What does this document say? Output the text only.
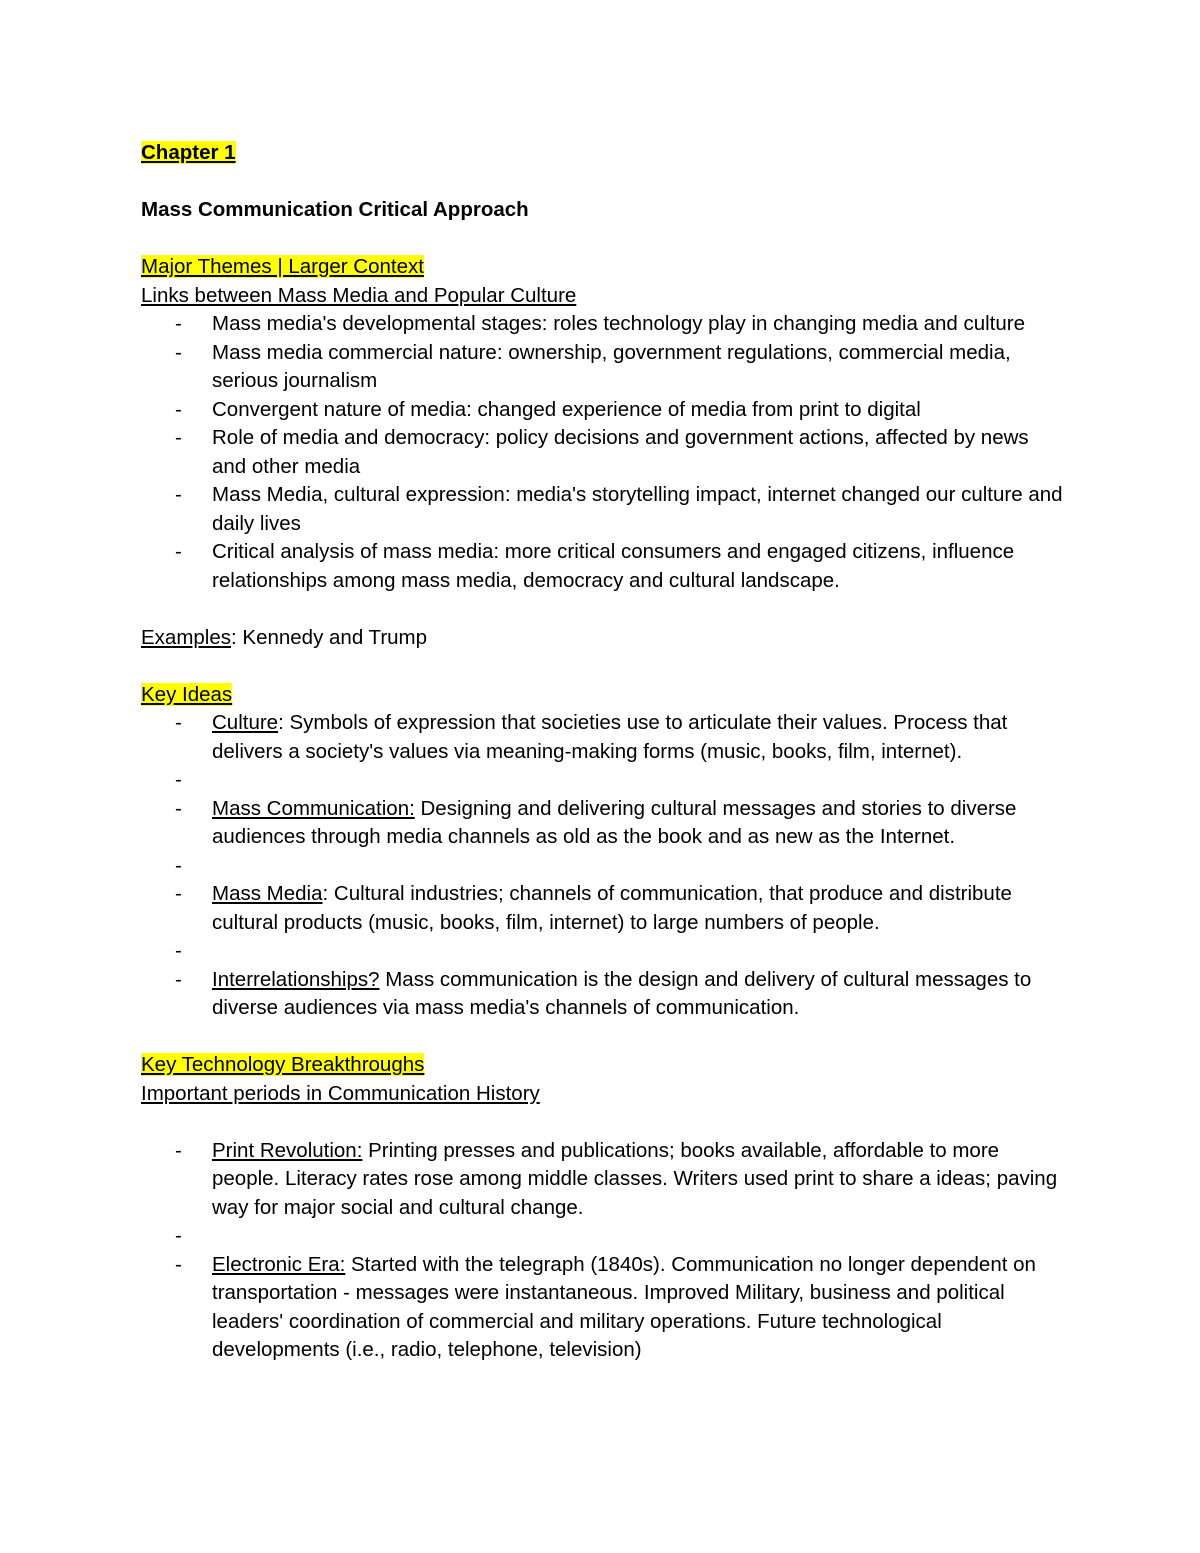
Chapter 1

Mass Communication Critical Approach

Major Themes | Larger Context

Links between Mass Media and Popular Culture

- Mass media's developmental stages: roles technology play in changing media and culture
- Mass media commercial nature: ownership, government regulations, commercial media, serious journalism
- Convergent nature of media: changed experience of media from print to digital
- Role of media and democracy: policy decisions and government actions, affected by news and other media
- Mass Media, cultural expression: media's storytelling impact, internet changed our culture and daily lives
- Critical analysis of mass media: more critical consumers and engaged citizens, influence relationships among mass media, democracy and cultural landscape.

Examples: Kennedy and Trump

Key Ideas

- Culture: Symbols of expression that societies use to articulate their values. Process that delivers a society's values via meaning-making forms (music, books, film, internet).
-
- Mass Communication: Designing and delivering cultural messages and stories to diverse audiences through media channels as old as the book and as new as the Internet.
-
- Mass Media: Cultural industries; channels of communication, that produce and distribute cultural products (music, books, film, internet) to large numbers of people.
-
- Interrelationships? Mass communication is the design and delivery of cultural messages to diverse audiences via mass media's channels of communication.

Key Technology Breakthroughs

Important periods in Communication History

- Print Revolution: Printing presses and publications; books available, affordable to more people. Literacy rates rose among middle classes. Writers used print to share a ideas; paving way for major social and cultural change.
-
- Electronic Era: Started with the telegraph (1840s). Communication no longer dependent on transportation - messages were instantaneous. Improved Military, business and political leaders' coordination of commercial and military operations. Future technological developments (i.e., radio, telephone, television)
